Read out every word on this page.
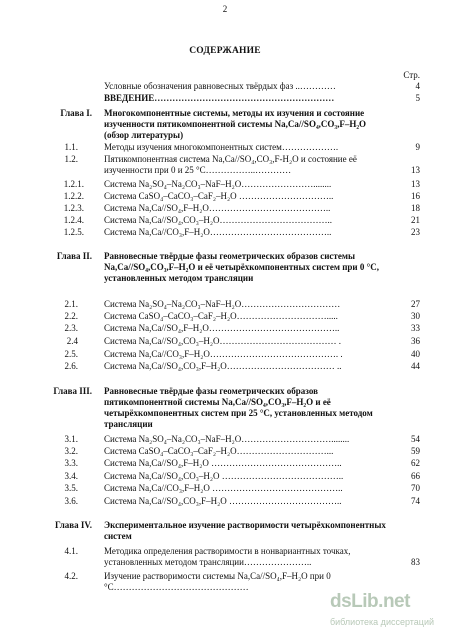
2
СОДЕРЖАНИЕ
Стр.
Условные обозначения равновесных твёрдых фаз ..…………	4
ВВЕДЕНИЕ……………………………………………………	5
Глава I. Многокомпонентные системы, методы их изучения и состояние изученности пятикомпонентной системы Na,Ca//SO₄,CO₃,F–H₂O (обзор литературы)
1.1.	Методы изучения многокомпонентных систем……………….	9
1.2.	Пятикомпонентная система Na,Ca//SO₄,CO₃,F-H₂O и состояние её изученности при 0 и 25 °С……………..…………	13
1.2.1. Система Na₂SO₄–Na₂CO₃–NaF–H₂O……………………........	13
1.2.2. Система CaSO₄–CaCO₃–CaF₂–H₂O …………………………..	16
1.2.3. Система Na,Ca//SO₄,F–H₂O…………………………………..	18
1.2.4. Система Na,Ca//SO₄,CO₃–H₂O………………………………..	21
1.2.5. Система Na,Ca//CO₃,F–H₂O…………………………………..	23
Глава II. Равновесные твёрдые фазы геометрических образов системы Na,Ca//SO₄,CO₃,F–H₂O и её четырёхкомпонентных систем при 0 °С, установленных методом трансляции
2.1.	Система Na₂SO₄–Na₂CO₃–NaF–H₂O……………………………	27
2.2.	Система CaSO₄–CaCO₃–CaF₂–H₂O………………………….....	30
2.3.	Система Na,Ca//SO₄,F–H₂O……………………………………..	33
2.4	Система Na,Ca//SO₄,CO₃–H₂O………………………………… .	36
2.5.	Система Na,Ca//CO₃,F–H₂O……………………………………. .	40
2.6.	Система Na,Ca//SO₄,CO₃,F–H₂O……………………………… ..	44
Глава III. Равновесные твёрдые фазы геометрических образов пятикомпонентной системы Na,Ca//SO₄,CO₃,F–H₂O и её четырёхкомпонентных систем при 25 °С, установленных методом трансляции
3.1.	Система Na₂SO₄–Na₂CO₃–NaF–H₂O…………………………........	54
3.2.	Система CaSO₄–CaCO₃–CaF₂–H₂O…………………………...	59
3.3.	Система Na,Ca//SO₄,F–H₂O ……………………………………..	62
3.4.	Система Na,Ca//SO₄,CO₃–H₂O …………………………………..	66
3.5.	Система Na,Ca//CO₃,F–H₂O ……………………………………..	70
3.6.	Система Na,Ca//SO₄,CO₃,F–H₂O ………………………………..	74
Глава IV. Экспериментальное изучение растворимости четырёхкомпонентных систем
4.1.	Методика определения растворимости в нонвариантных точках, установленных методом трансляции…………………..	83
4.2.	Изучение растворимости системы Na,Ca//SO₄,F–H₂O при 0 °С………………………………………
dsLib.net
библиотека диссертаций
